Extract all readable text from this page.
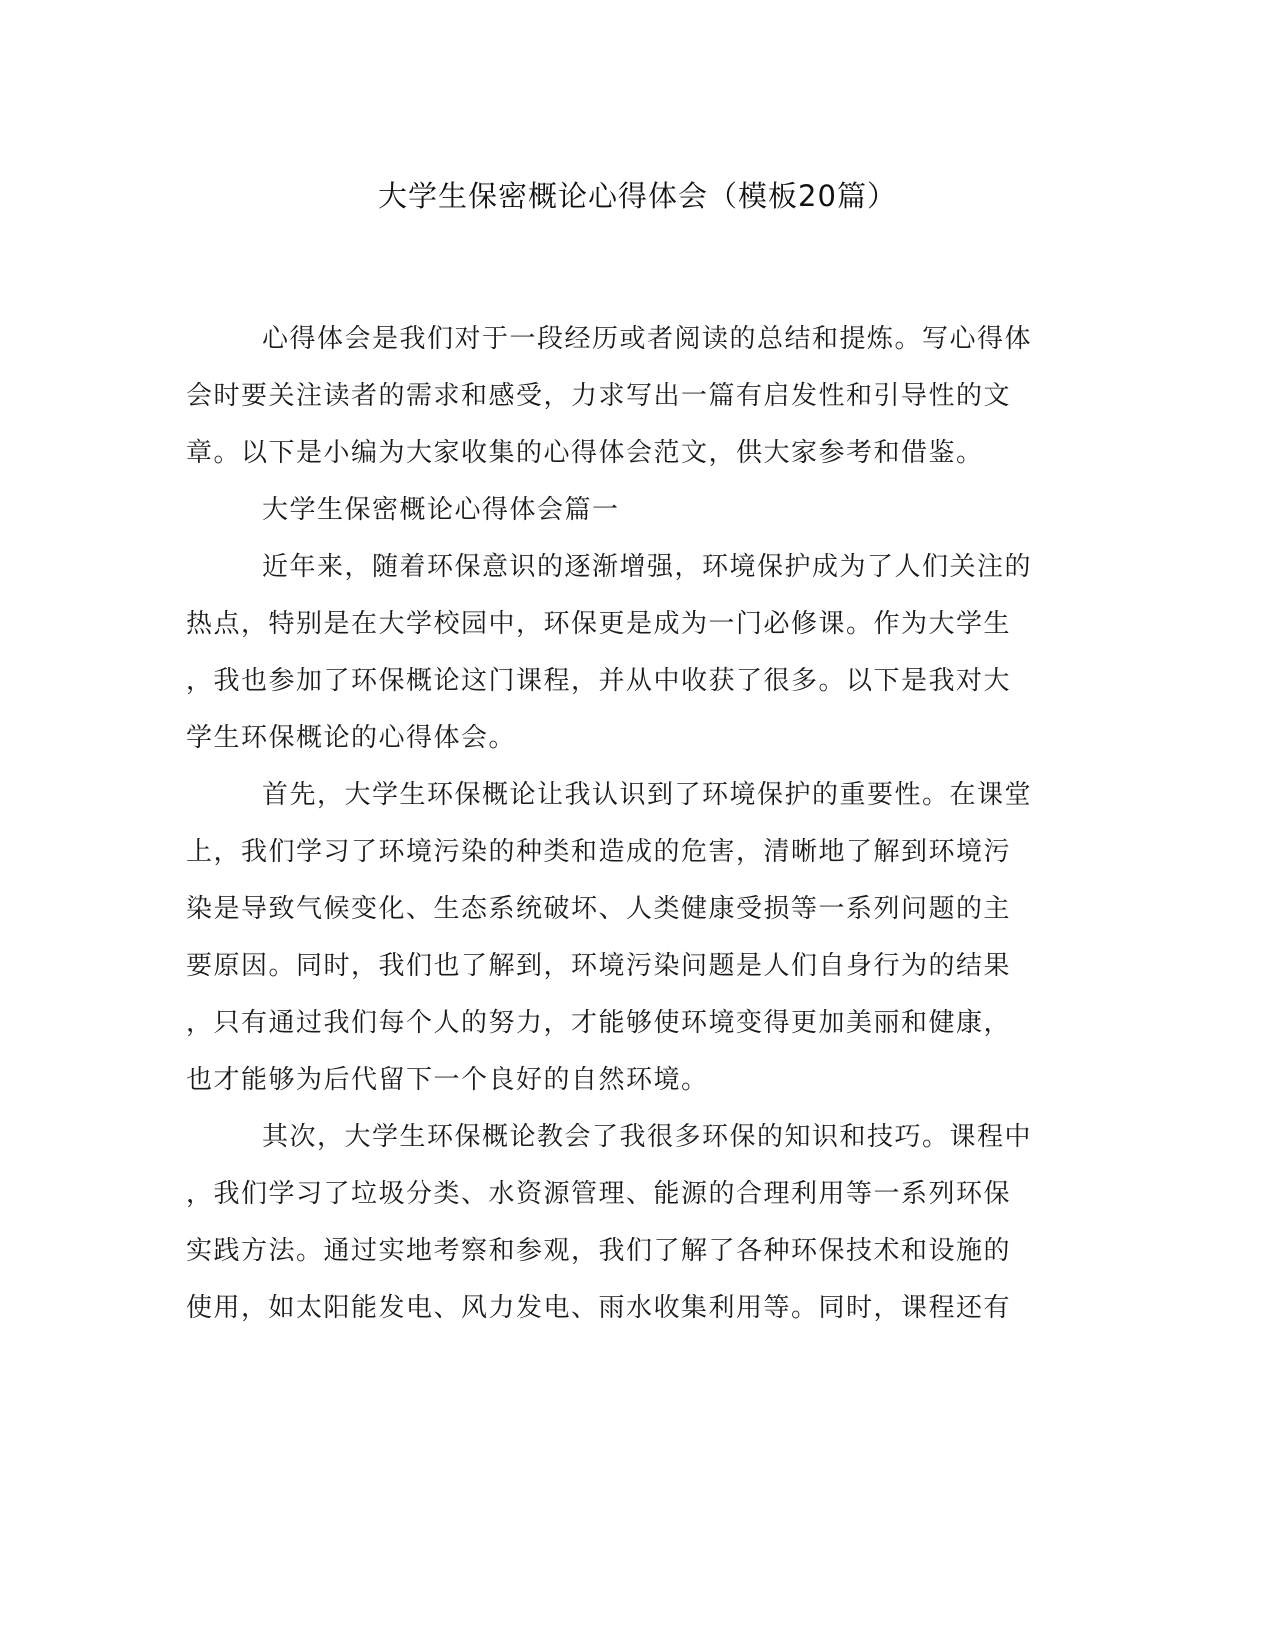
大学生保密概论心得体会（模板20篇）
心得体会是我们对于一段经历或者阅读的总结和提炼。写心得体
会时要关注读者的需求和感受，力求写出一篇有启发性和引导性的文
章。以下是小编为大家收集的心得体会范文，供大家参考和借鉴。
大学生保密概论心得体会篇一
近年来，随着环保意识的逐渐增强，环境保护成为了人们关注的
热点，特别是在大学校园中，环保更是成为一门必修课。作为大学生
，我也参加了环保概论这门课程，并从中收获了很多。以下是我对大
学生环保概论的心得体会。
首先，大学生环保概论让我认识到了环境保护的重要性。在课堂
上，我们学习了环境污染的种类和造成的危害，清晰地了解到环境污
染是导致气候变化、生态系统破坏、人类健康受损等一系列问题的主
要原因。同时，我们也了解到，环境污染问题是人们自身行为的结果
，只有通过我们每个人的努力，才能够使环境变得更加美丽和健康，
也才能够为后代留下一个良好的自然环境。
其次，大学生环保概论教会了我很多环保的知识和技巧。课程中
，我们学习了垃圾分类、水资源管理、能源的合理利用等一系列环保
实践方法。通过实地考察和参观，我们了解了各种环保技术和设施的
使用，如太阳能发电、风力发电、雨水收集利用等。同时，课程还有
